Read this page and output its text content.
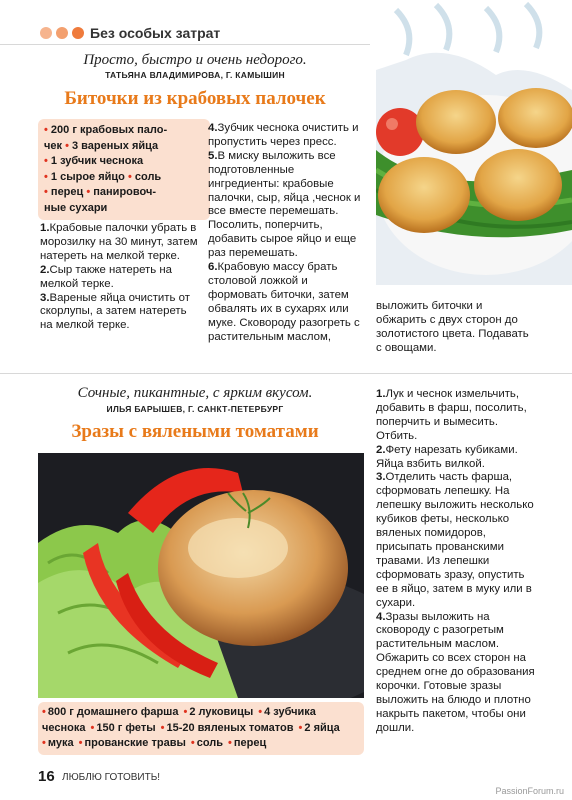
Без особых затрат
Просто, быстро и очень недорого.
ТАТЬЯНА ВЛАДИМИРОВА, Г. КАМЫШИН
Биточки из крабовых палочек
• 200 г крабовых пало-
чек • 3 вареных яйца
• 1 зубчик чеснока
• 1 сырое яйцо • соль
• перец • панировоч-
ные сухари

1.Крабовые палочки убрать в морозилку на 30 минут, затем натереть на мелкой терке.

2.Сыр также натереть на мелкой терке.

3.Вареные яйца очистить от скорлупы, а затем натереть на мелкой терке.

4.Зубчик чеснока очистить и пропустить через пресс.

5.В миску выложить все подготовленные ингредиенты: крабовые палочки, сыр, яйца ,чеснок и все вместе перемешать. Посолить, поперчить, добавить сырое яйцо и еще раз перемешать.

6.Крабовую массу брать столовой ложкой и формовать биточки, затем обвалять их в сухарях или муке. Сковороду разогреть с растительным маслом,

выложить биточки и обжарить с двух сторон до золотистого цвета. Подавать с овощами.

Сочные, пикантные, с ярким вкусом.
ИЛЬЯ БАРЫШЕВ, Г. САНКТ-ПЕТЕРБУРГ
Зразы с вялеными томатами
• 800 г домашнего фарша • 2 луковицы • 4 зубчика
чеснока • 150 г феты • 15-20 вяленых томатов • 2 яйца
• мука • прованские травы • соль • перец

1.Лук и чеснок измельчить, добавить в фарш, посолить, поперчить и вымесить. Отбить.

2.Фету нарезать кубиками. Яйца взбить вилкой.

3.Отделить часть фарша, сформовать лепешку. На лепешку выложить несколько кубиков феты, несколько вяленых помидоров, присыпать прованскими травами. Из лепешки сформовать зразу, опустить ее в яйцо, затем в муку или в сухари.

4.Зразы выложить на сковороду с разогретым растительным маслом. Обжарить со всех сторон на среднем огне до образования корочки. Готовые зразы выложить на блюдо и плотно накрыть пакетом, чтобы они дошли.

16 ЛЮБЛЮ ГОТОВИТЬ!
PassionForum.ru
